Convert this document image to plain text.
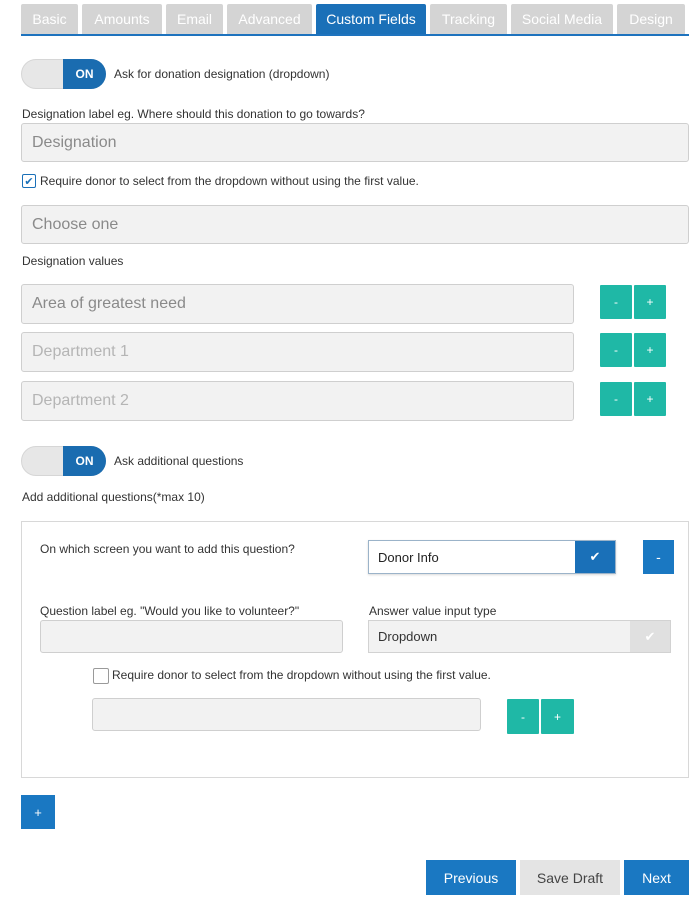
Basic	Amounts	Email	Advanced	Custom Fields	Tracking	Social Media	Design
ON	Ask for donation designation (dropdown)
Designation label eg. Where should this donation to go towards?
Designation
✔ Require donor to select from the dropdown without using the first value.
Choose one
Designation values
Area of greatest need	-	+
Department 1	-	+
Department 2	-	+
ON	Ask additional questions
Add additional questions(*max 10)
On which screen you want to add this question?
Donor Info	✔	-
Question label eg. "Would you like to volunteer?"	Answer value input type
Dropdown	✔
Require donor to select from the dropdown without using the first value.
-	+
+
Previous	Save Draft	Next
